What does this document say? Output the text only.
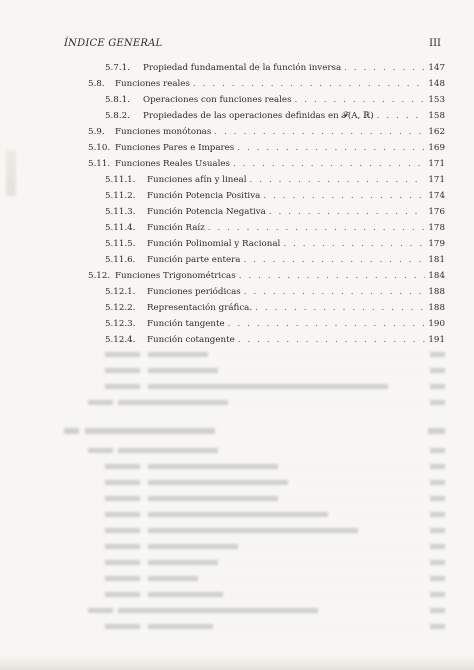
ÍNDICE GENERAL	III
5.7.1.	Propiedad fundamental de la función inversa . . .	147
5.8.	Funciones reales . . .	148
5.8.1.	Operaciones con funciones reales . . .	153
5.8.2.	Propiedades de las operaciones definidas en 𝓕(A, ℝ) . . .	158
5.9.	Funciones monótonas . . .	162
5.10. Funciones Pares e Impares . . .	169
5.11. Funciones Reales Usuales . . .	171
5.11.1.	Funciones afín y lineal . . .	171
5.11.2.	Función Potencia Positiva . . .	174
5.11.3.	Función Potencia Negativa . . .	176
5.11.4.	Función Raíz . . .	178
5.11.5.	Función Polinomial y Racional . . .	179
5.11.6.	Función parte entera . . .	181
5.12. Funciones Trigonométricas . . .	184
5.12.1.	Funciones periódicas . . .	188
5.12.2.	Representación gráfica. . . .	188
5.12.3.	Función tangente . . .	190
5.12.4.	Función cotangente . . .	191
